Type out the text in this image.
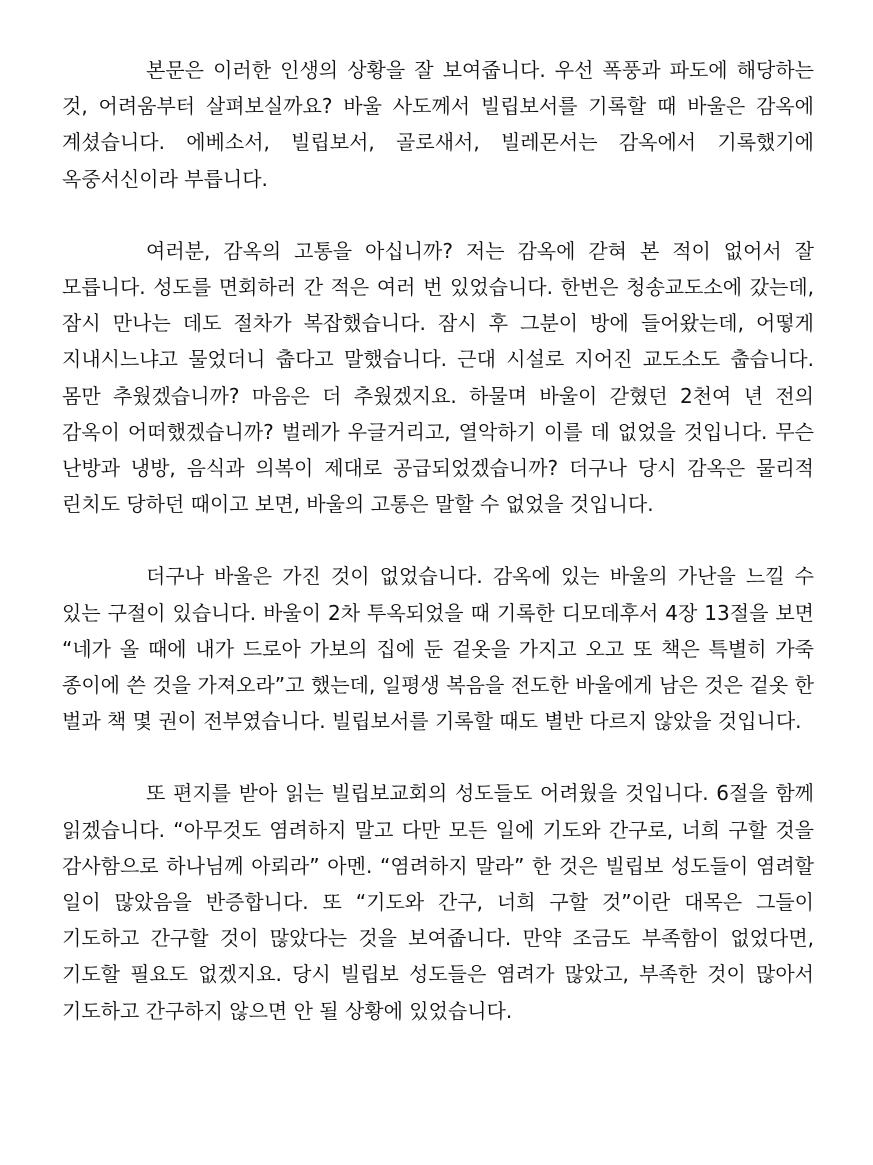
본문은 이러한 인생의 상황을 잘 보여줍니다. 우선 폭풍과 파도에 해당하는 것, 어려움부터 살펴보실까요? 바울 사도께서 빌립보서를 기록할 때 바울은 감옥에 계셨습니다. 에베소서, 빌립보서, 골로새서, 빌레몬서는 감옥에서 기록했기에 옥중서신이라 부릅니다.

여러분, 감옥의 고통을 아십니까? 저는 감옥에 갇혀 본 적이 없어서 잘 모릅니다. 성도를 면회하러 간 적은 여러 번 있었습니다. 한번은 청송교도소에 갔는데, 잠시 만나는 데도 절차가 복잡했습니다. 잠시 후 그분이 방에 들어왔는데, 어떻게 지내시느냐고 물었더니 춥다고 말했습니다. 근대 시설로 지어진 교도소도 춥습니다. 몸만 추웠겠습니까? 마음은 더 추웠겠지요. 하물며 바울이 갇혔던 2천여 년 전의 감옥이 어떠했겠습니까? 벌레가 우글거리고, 열악하기 이를 데 없었을 것입니다. 무슨 난방과 냉방, 음식과 의복이 제대로 공급되었겠습니까? 더구나 당시 감옥은 물리적 린치도 당하던 때이고 보면, 바울의 고통은 말할 수 없었을 것입니다.

더구나 바울은 가진 것이 없었습니다. 감옥에 있는 바울의 가난을 느낄 수 있는 구절이 있습니다. 바울이 2차 투옥되었을 때 기록한 디모데후서 4장 13절을 보면 “네가 올 때에 내가 드로아 가보의 집에 둔 겉옷을 가지고 오고 또 책은 특별히 가죽 종이에 쓴 것을 가져오라”고 했는데, 일평생 복음을 전도한 바울에게 남은 것은 겉옷 한 벌과 책 몇 권이 전부였습니다. 빌립보서를 기록할 때도 별반 다르지 않았을 것입니다.

또 편지를 받아 읽는 빌립보교회의 성도들도 어려웠을 것입니다. 6절을 함께 읽겠습니다. “아무것도 염려하지 말고 다만 모든 일에 기도와 간구로, 너희 구할 것을 감사함으로 하나님께 아뢰라” 아멘. “염려하지 말라” 한 것은 빌립보 성도들이 염려할 일이 많았음을 반증합니다. 또 “기도와 간구, 너희 구할 것”이란 대목은 그들이 기도하고 간구할 것이 많았다는 것을 보여줍니다. 만약 조금도 부족함이 없었다면, 기도할 필요도 없겠지요. 당시 빌립보 성도들은 염려가 많았고, 부족한 것이 많아서 기도하고 간구하지 않으면 안 될 상황에 있었습니다.
